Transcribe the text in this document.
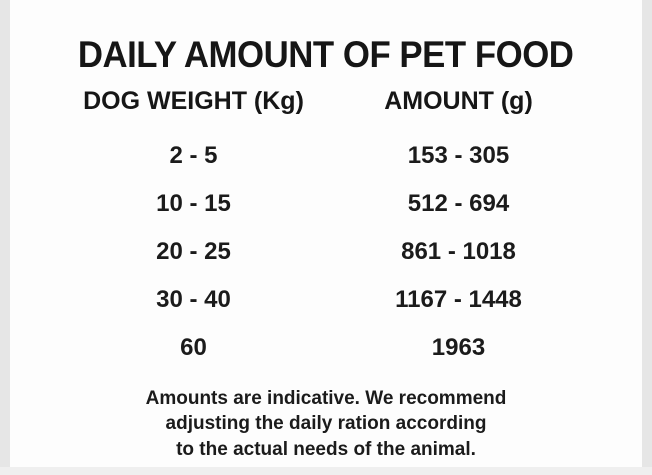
DAILY AMOUNT OF PET FOOD
DOG WEIGHT (Kg)	AMOUNT (g)
2 - 5	153 - 305
10 - 15	512 - 694
20 - 25	861 - 1018
30 - 40	1167 - 1448
60	1963
Amounts are indicative. We recommend
adjusting the daily ration according
to the actual needs of the animal.
